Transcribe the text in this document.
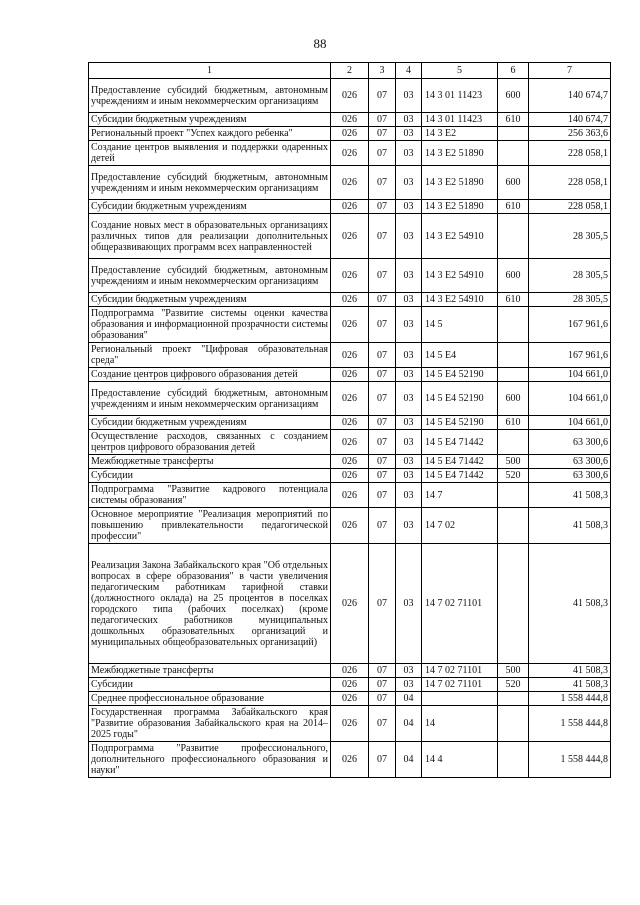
88
1	2	3	4	5	6	7
Предоставление субсидий бюджетным, автономным учреждениям и иным некоммерческим организациям	026	07	03	14 3 01 11423	600	140 674,7
Субсидии бюджетным учреждениям	026	07	03	14 3 01 11423	610	140 674,7
Региональный проект "Успех каждого ребенка"	026	07	03	14 3 E2		256 363,6
Создание центров выявления и поддержки одаренных детей	026	07	03	14 3 E2 51890		228 058,1
Предоставление субсидий бюджетным, автономным учреждениям и иным некоммерческим организациям	026	07	03	14 3 E2 51890	600	228 058,1
Субсидии бюджетным учреждениям	026	07	03	14 3 E2 51890	610	228 058,1
Создание новых мест в образовательных организациях различных типов для реализации дополнительных общеразвивающих программ всех направленностей	026	07	03	14 3 E2 54910		28 305,5
Предоставление субсидий бюджетным, автономным учреждениям и иным некоммерческим организациям	026	07	03	14 3 E2 54910	600	28 305,5
Субсидии бюджетным учреждениям	026	07	03	14 3 E2 54910	610	28 305,5
Подпрограмма "Развитие системы оценки качества образования и информационной прозрачности системы образования"	026	07	03	14 5		167 961,6
Региональный проект "Цифровая образовательная среда"	026	07	03	14 5 E4		167 961,6
Создание центров цифрового образования детей	026	07	03	14 5 E4 52190		104 661,0
Предоставление субсидий бюджетным, автономным учреждениям и иным некоммерческим организациям	026	07	03	14 5 E4 52190	600	104 661,0
Субсидии бюджетным учреждениям	026	07	03	14 5 E4 52190	610	104 661,0
Осуществление расходов, связанных с созданием центров цифрового образования детей	026	07	03	14 5 E4 71442		63 300,6
Межбюджетные трансферты	026	07	03	14 5 E4 71442	500	63 300,6
Субсидии	026	07	03	14 5 E4 71442	520	63 300,6
Подпрограмма "Развитие кадрового потенциала системы образования"	026	07	03	14 7		41 508,3
Основное мероприятие "Реализация мероприятий по повышению привлекательности педагогической профессии"	026	07	03	14 7 02		41 508,3
Реализация Закона Забайкальского края "Об отдельных вопросах в сфере образования" в части увеличения педагогическим работникам тарифной ставки (должностного оклада) на 25 процентов в поселках городского типа (рабочих поселках) (кроме педагогических работников муниципальных дошкольных образовательных организаций и муниципальных общеобразовательных организаций)	026	07	03	14 7 02 71101		41 508,3
Межбюджетные трансферты	026	07	03	14 7 02 71101	500	41 508,3
Субсидии	026	07	03	14 7 02 71101	520	41 508,3
Среднее профессиональное образование	026	07	04			1 558 444,8
Государственная программа Забайкальского края "Развитие образования Забайкальского края на 2014–2025 годы"	026	07	04	14		1 558 444,8
Подпрограмма "Развитие профессионального, дополнительного профессионального образования и науки"	026	07	04	14 4		1 558 444,8
